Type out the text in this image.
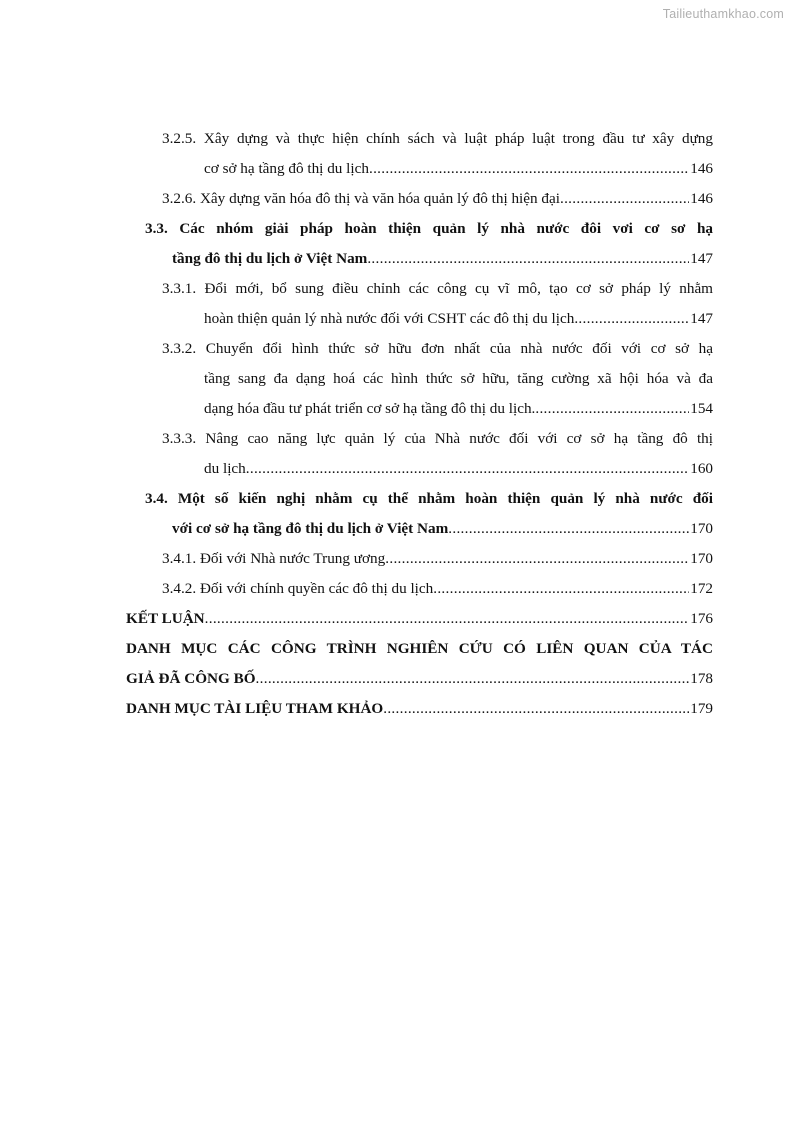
Tailieuthamkhao.com
3.2.5. Xây dựng và thực hiện chính sách và luật pháp luật trong đầu tư xây dựng
cơ sở hạ tầng đô thị du lịch .....	146
3.2.6. Xây dựng văn hóa đô thị và văn hóa quản lý đô thị hiện đại .....	146
3.3. Các nhóm giải pháp hoàn thiện quản lý nhà nước đôi vơi cơ sơ hạ
tầng đô thị du lịch ở Việt Nam .....	147
3.3.1. Đổi mới, bổ sung điều chỉnh các công cụ vĩ mô, tạo cơ sở pháp lý nhằm
hoàn thiện quản lý nhà nước đối với CSHT các đô thị du lịch .....	147
3.3.2. Chuyển đổi hình thức sở hữu đơn nhất của nhà nước đối với cơ sở hạ
tầng sang đa dạng hoá các hình thức sở hữu, tăng cường xã hội hóa và đa
dạng hóa đầu tư phát triển cơ sở hạ tầng đô thị du lịch. .....	154
3.3.3. Nâng cao năng lực quản lý của Nhà nước đối với cơ sở hạ tầng đô thị
du lịch .....	160
3.4. Một số kiến nghị nhằm cụ thể nhằm hoàn thiện quản lý nhà nước đối
với cơ sở hạ tầng đô thị du lịch ở Việt Nam .....	170
3.4.1. Đối với Nhà nước Trung ương .....	170
3.4.2. Đối với chính quyền các đô thị du lịch .....	172
KẾT LUẬN .....	176
DANH MỤC CÁC CÔNG TRÌNH NGHIÊN CỨU CÓ LIÊN QUAN CỦA TÁC
GIẢ ĐÃ CÔNG BỐ .....	178
DANH MỤC TÀI LIỆU THAM KHẢO .....	179
